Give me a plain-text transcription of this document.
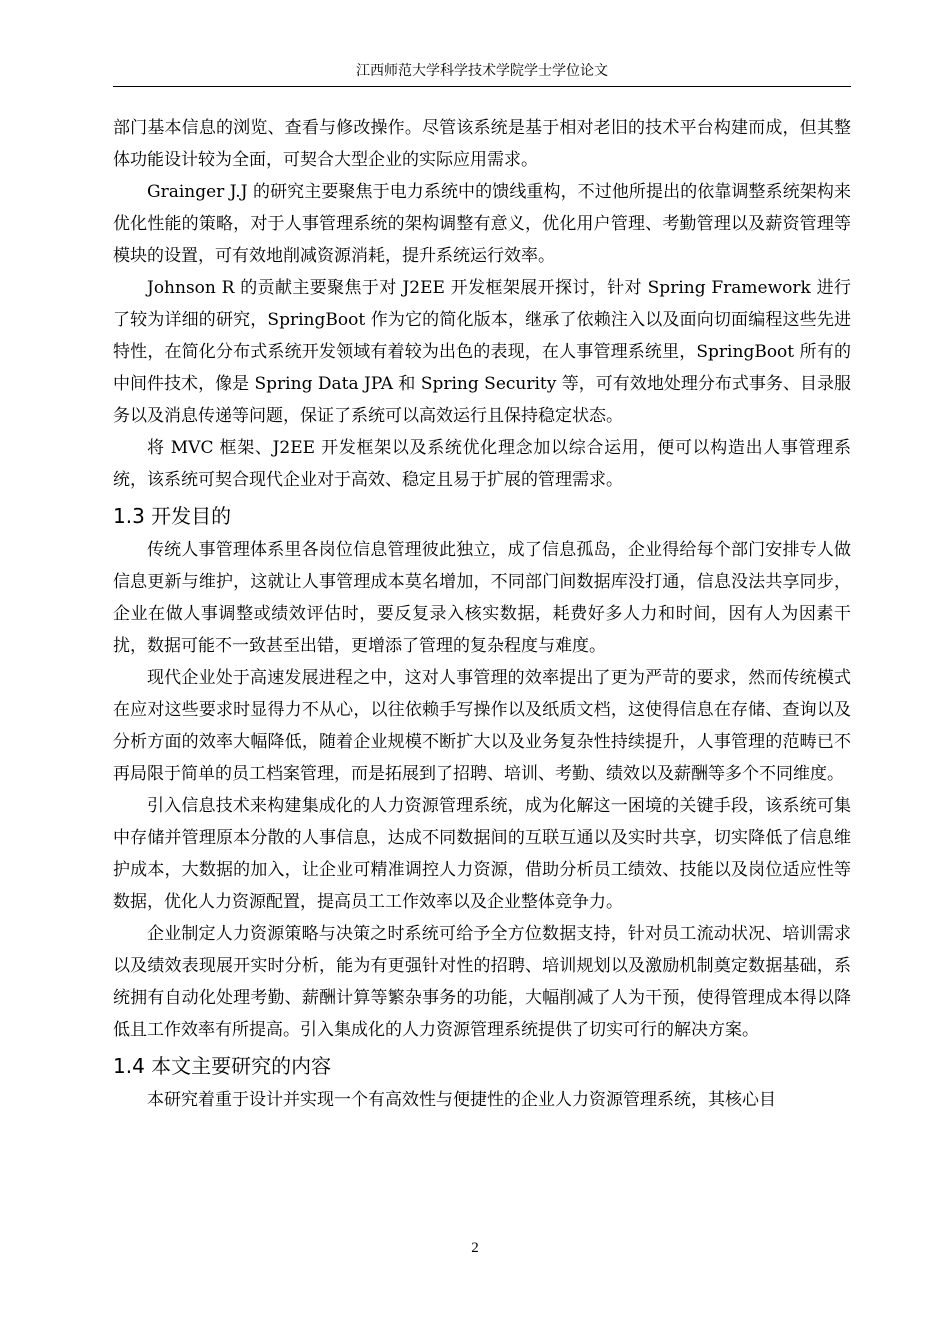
江西师范大学科学技术学院学士学位论文

部门基本信息的浏览、查看与修改操作。尽管该系统是基于相对老旧的技术平台构建而成，但其整体功能设计较为全面，可契合大型企业的实际应用需求。

Grainger J.J 的研究主要聚焦于电力系统中的馈线重构，不过他所提出的依靠调整系统架构来优化性能的策略，对于人事管理系统的架构调整有意义，优化用户管理、考勤管理以及薪资管理等模块的设置，可有效地削减资源消耗，提升系统运行效率。

Johnson R 的贡献主要聚焦于对 J2EE 开发框架展开探讨，针对 Spring Framework 进行了较为详细的研究，SpringBoot 作为它的简化版本，继承了依赖注入以及面向切面编程这些先进特性，在简化分布式系统开发领域有着较为出色的表现，在人事管理系统里，SpringBoot 所有的中间件技术，像是 Spring Data JPA 和 Spring Security 等，可有效地处理分布式事务、目录服务以及消息传递等问题，保证了系统可以高效运行且保持稳定状态。

将 MVC 框架、J2EE 开发框架以及系统优化理念加以综合运用，便可以构造出人事管理系统，该系统可契合现代企业对于高效、稳定且易于扩展的管理需求。

1.3 开发目的

传统人事管理体系里各岗位信息管理彼此独立，成了信息孤岛，企业得给每个部门安排专人做信息更新与维护，这就让人事管理成本莫名增加，不同部门间数据库没打通，信息没法共享同步，企业在做人事调整或绩效评估时，要反复录入核实数据，耗费好多人力和时间，因有人为因素干扰，数据可能不一致甚至出错，更增添了管理的复杂程度与难度。

现代企业处于高速发展进程之中，这对人事管理的效率提出了更为严苛的要求，然而传统模式在应对这些要求时显得力不从心，以往依赖手写操作以及纸质文档，这使得信息在存储、查询以及分析方面的效率大幅降低，随着企业规模不断扩大以及业务复杂性持续提升，人事管理的范畴已不再局限于简单的员工档案管理，而是拓展到了招聘、培训、考勤、绩效以及薪酬等多个不同维度。

引入信息技术来构建集成化的人力资源管理系统，成为化解这一困境的关键手段，该系统可集中存储并管理原本分散的人事信息，达成不同数据间的互联互通以及实时共享，切实降低了信息维护成本，大数据的加入，让企业可精准调控人力资源，借助分析员工绩效、技能以及岗位适应性等数据，优化人力资源配置，提高员工工作效率以及企业整体竞争力。

企业制定人力资源策略与决策之时系统可给予全方位数据支持，针对员工流动状况、培训需求以及绩效表现展开实时分析，能为有更强针对性的招聘、培训规划以及激励机制奠定数据基础，系统拥有自动化处理考勤、薪酬计算等繁杂事务的功能，大幅削减了人为干预，使得管理成本得以降低且工作效率有所提高。引入集成化的人力资源管理系统提供了切实可行的解决方案。

1.4 本文主要研究的内容

本研究着重于设计并实现一个有高效性与便捷性的企业人力资源管理系统，其核心目

2
